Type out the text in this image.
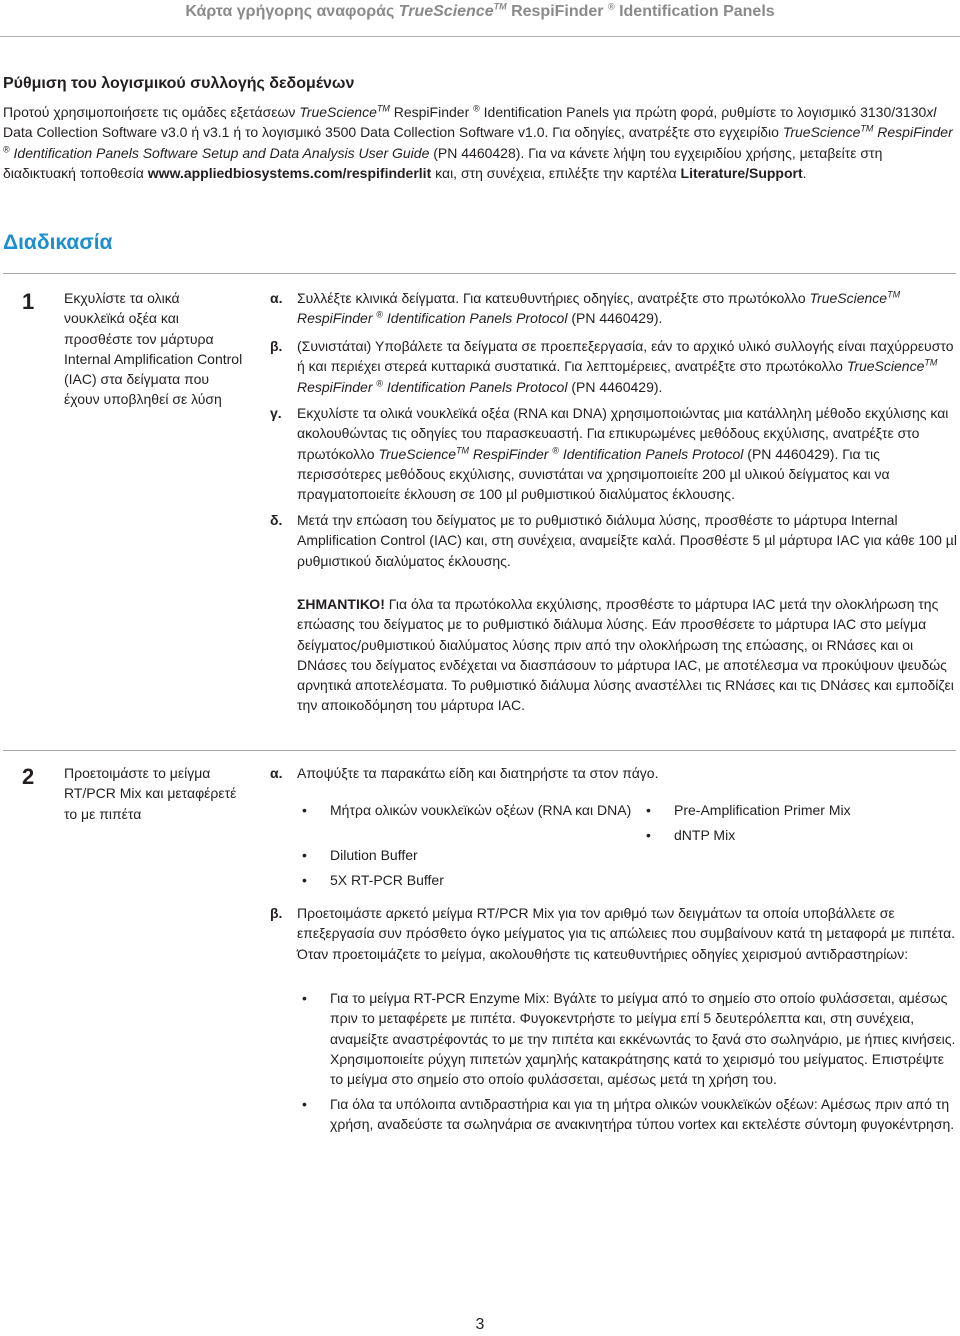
Κάρτα γρήγορης αναφοράς TrueScience™ RespiFinder ® Identification Panels
Ρύθμιση του λογισμικού συλλογής δεδομένων
Προτού χρησιμοποιήσετε τις ομάδες εξετάσεων TrueScience™ RespiFinder ® Identification Panels για πρώτη φορά, ρυθμίστε το λογισμικό 3130/3130xl Data Collection Software v3.0 ή v3.1 ή το λογισμικό 3500 Data Collection Software v1.0. Για οδηγίες, ανατρέξτε στο εγχειρίδιο TrueScience™ RespiFinder ® Identification Panels Software Setup and Data Analysis User Guide (PN 4460428). Για να κάνετε λήψη του εγχειριδίου χρήσης, μεταβείτε στη διαδικτυακή τοποθεσία www.appliedbiosystems.com/respifinderlit και, στη συνέχεια, επιλέξτε την καρτέλα Literature/Support.
Διαδικασία
1 Εκχυλίστε τα ολικά νουκλεϊκά οξέα και προσθέστε τον μάρτυρα Internal Amplification Control (IAC) στα δείγματα που έχουν υποβληθεί σε λύση
α. Συλλέξτε κλινικά δείγματα. Για κατευθυντήριες οδηγίες, ανατρέξτε στο πρωτόκολλο TrueScience™ RespiFinder ® Identification Panels Protocol (PN 4460429).
β. (Συνιστάται) Υποβάλετε τα δείγματα σε προεπεξεργασία, εάν το αρχικό υλικό συλλογής είναι παχύρρευστο ή και περιέχει στερεά κυτταρικά συστατικά. Για λεπτομέρειες, ανατρέξτε στο πρωτόκολλο TrueScience™ RespiFinder ® Identification Panels Protocol (PN 4460429).
γ. Εκχυλίστε τα ολικά νουκλεϊκά οξέα (RNA και DNA) χρησιμοποιώντας μια κατάλληλη μέθοδο εκχύλισης και ακολουθώντας τις οδηγίες του παρασκευαστή. Για επικυρωμένες μεθόδους εκχύλισης, ανατρέξτε στο πρωτόκολλο TrueScience™ RespiFinder ® Identification Panels Protocol (PN 4460429). Για τις περισσότερες μεθόδους εκχύλισης, συνιστάται να χρησιμοποιείτε 200 µl υλικού δείγματος και να πραγματοποιείτε έκλουση σε 100 µl ρυθμιστικού διαλύματος έκλουσης.
δ. Μετά την επώαση του δείγματος με το ρυθμιστικό διάλυμα λύσης, προσθέστε το μάρτυρα Internal Amplification Control (IAC) και, στη συνέχεια, αναμείξτε καλά. Προσθέστε 5 µl μάρτυρα IAC για κάθε 100 µl ρυθμιστικού διαλύματος έκλουσης.
ΣΗΜΑΝΤΙΚΟ! Για όλα τα πρωτόκολλα εκχύλισης, προσθέστε το μάρτυρα IAC μετά την ολοκλήρωση της επώασης του δείγματος με το ρυθμιστικό διάλυμα λύσης. Εάν προσθέσετε το μάρτυρα IAC στο μείγμα δείγματος/ρυθμιστικού διαλύματος λύσης πριν από την ολοκλήρωση της επώασης, οι RNάσες και οι DNάσες του δείγματος ενδέχεται να διασπάσουν το μάρτυρα IAC, με αποτέλεσμα να προκύψουν ψευδώς αρνητικά αποτελέσματα. Το ρυθμιστικό διάλυμα λύσης αναστέλλει τις RNάσες και τις DNάσες και εμποδίζει την αποικοδόμηση του μάρτυρα IAC.
2 Προετοιμάστε το μείγμα RT/PCR Mix και μεταφέρετέ το με πιπέτα
α. Αποψύξτε τα παρακάτω είδη και διατηρήστε τα στον πάγο.
• Μήτρα ολικών νουκλεϊκών οξέων (RNA και DNA)
• Dilution Buffer
• 5X RT-PCR Buffer
• Pre-Amplification Primer Mix
• dNTP Mix
β. Προετοιμάστε αρκετό μείγμα RT/PCR Mix για τον αριθμό των δειγμάτων τα οποία υποβάλλετε σε επεξεργασία συν πρόσθετο όγκο μείγματος για τις απώλειες που συμβαίνουν κατά τη μεταφορά με πιπέτα. Όταν προετοιμάζετε το μείγμα, ακολουθήστε τις κατευθυντήριες οδηγίες χειρισμού αντιδραστηρίων:
• Για το μείγμα RT-PCR Enzyme Mix: Βγάλτε το μείγμα από το σημείο στο οποίο φυλάσσεται, αμέσως πριν το μεταφέρετε με πιπέτα. Φυγοκεντρήστε το μείγμα επί 5 δευτερόλεπτα και, στη συνέχεια, αναμείξτε αναστρέφοντάς το με την πιπέτα και εκκένωντάς το ξανά στο σωληνάριο, με ήπιες κινήσεις. Χρησιμοποιείτε ρύχγη πιπετών χαμηλής κατακράτησης κατά το χειρισμό του μείγματος. Επιστρέψτε το μείγμα στο σημείο στο οποίο φυλάσσεται, αμέσως μετά τη χρήση του.
• Για όλα τα υπόλοιπα αντιδραστήρια και για τη μήτρα ολικών νουκλεϊκών οξέων: Αμέσως πριν από τη χρήση, αναδεύστε τα σωληνάρια σε ανακινητήρα τύπου vortex και εκτελέστε σύντομη φυγοκέντρηση.
3
